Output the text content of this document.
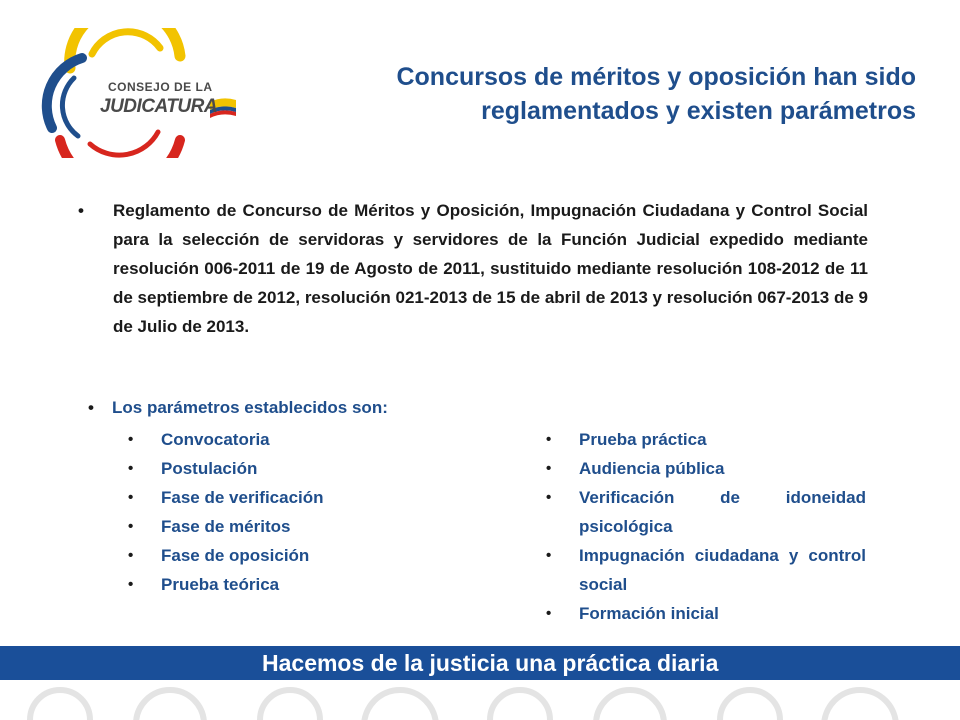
CONSEJO DE LA
JUDICATURA
Concursos de méritos y oposición han sido
reglamentados y existen parámetros
• Reglamento de Concurso de Méritos y Oposición, Impugnación Ciudadana y Control Social para la selección de servidoras y servidores de la Función Judicial expedido mediante resolución 006-2011 de 19 de Agosto de 2011, sustituido mediante resolución 108-2012 de 11 de septiembre de 2012, resolución 021-2013 de 15 de abril de 2013 y resolución 067-2013 de 9 de Julio de 2013.
• Los parámetros establecidos son:
• Convocatoria
• Postulación
• Fase de verificación
• Fase de méritos
• Fase de oposición
• Prueba teórica
• Prueba práctica
• Audiencia pública
• Verificación de idoneidad psicológica
• Impugnación ciudadana y control social
• Formación inicial
Hacemos de la justicia una práctica diaria
